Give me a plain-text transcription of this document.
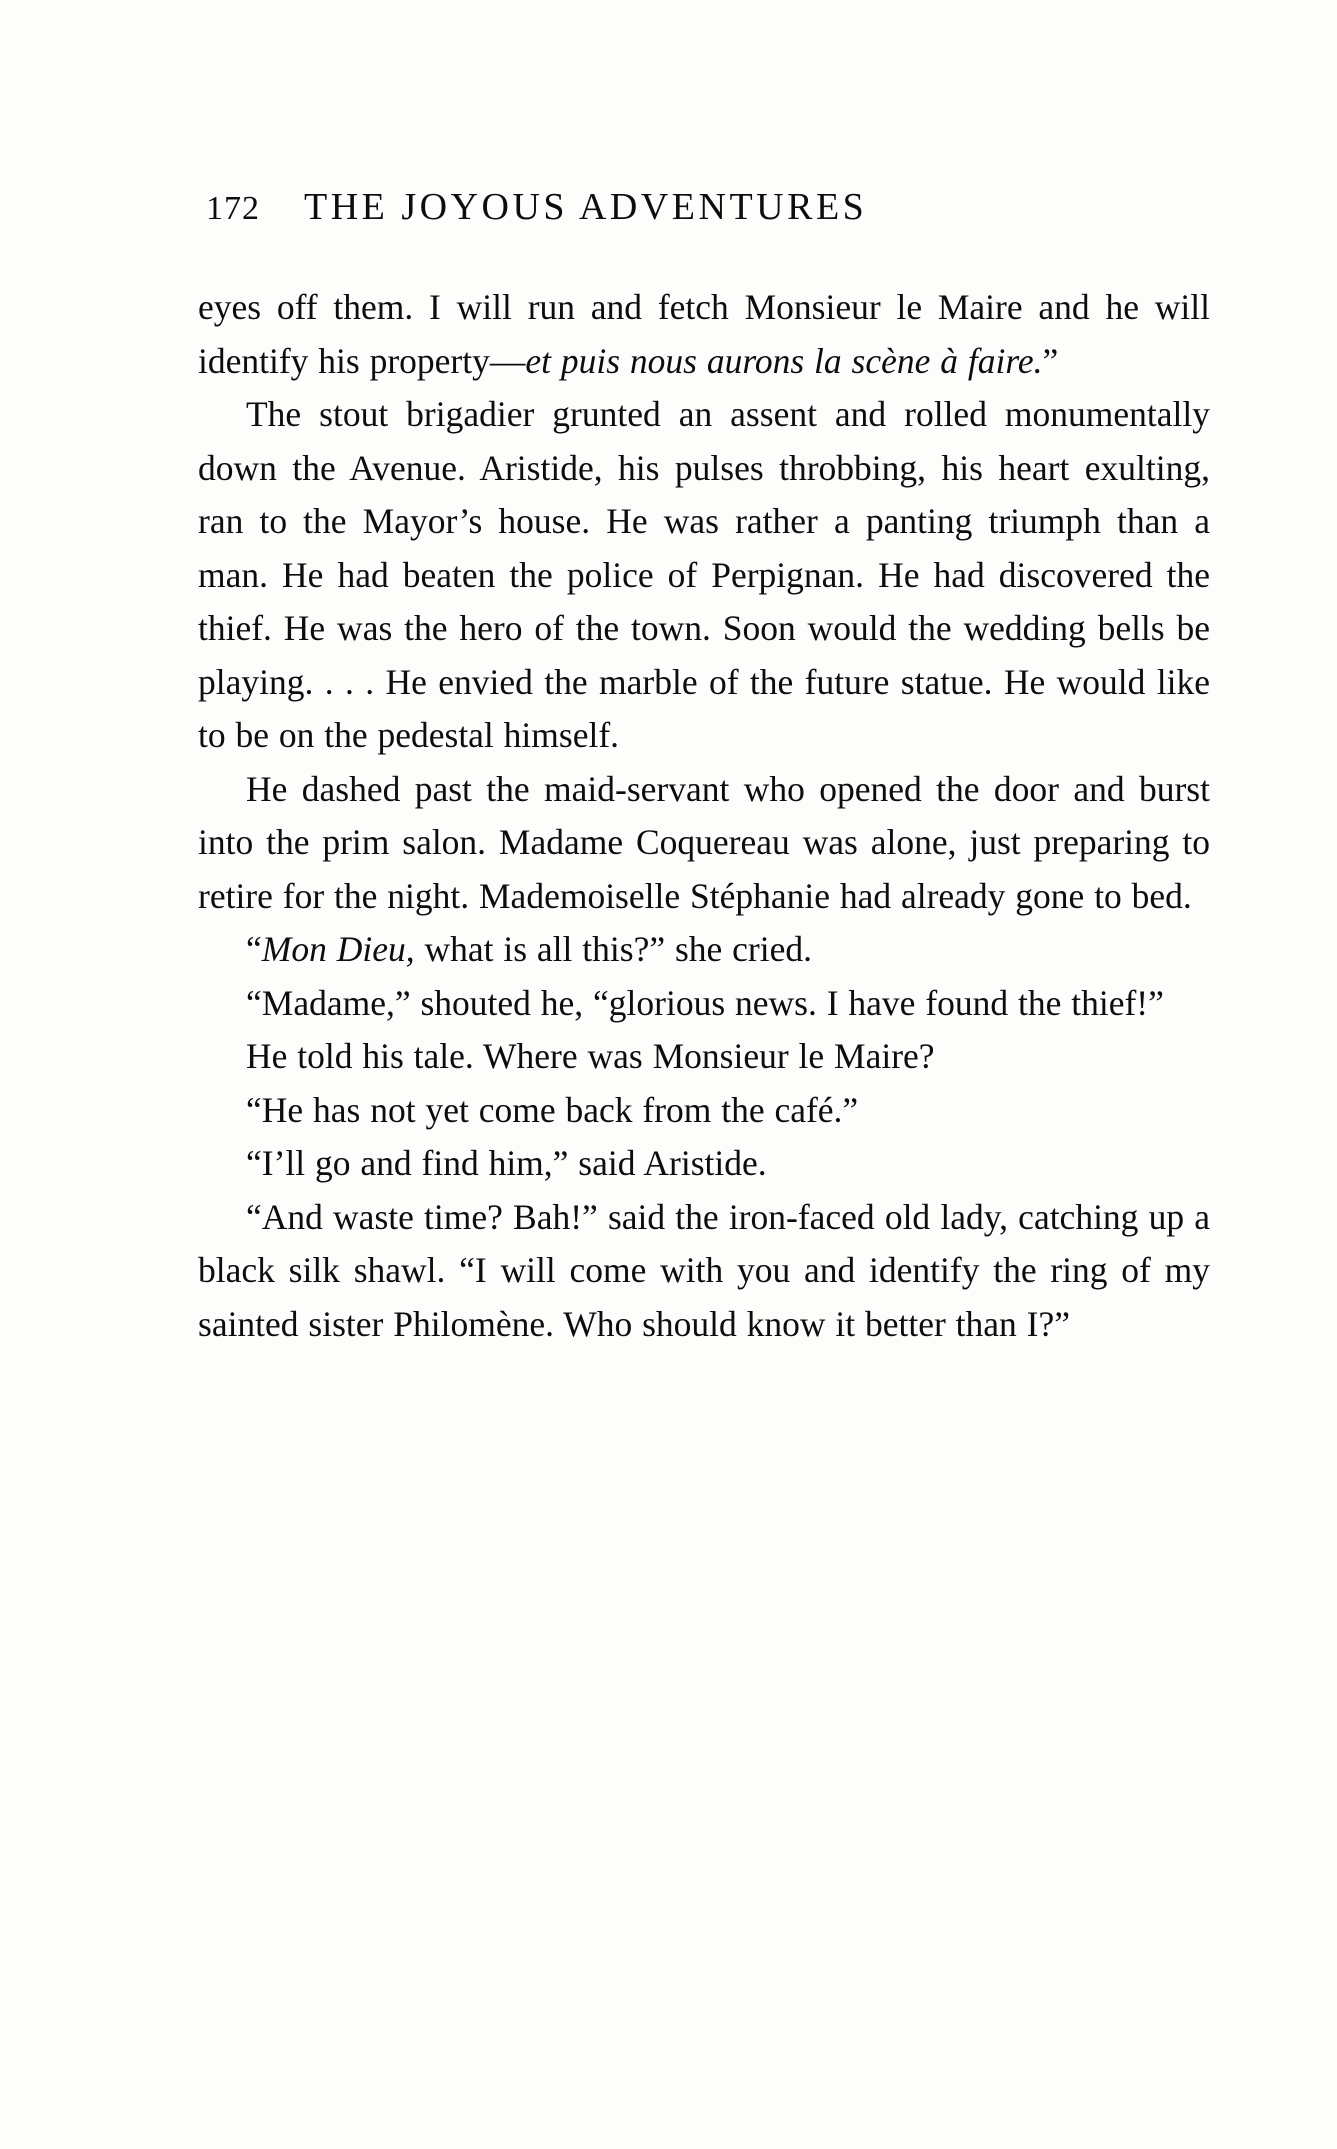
172 THE JOYOUS ADVENTURES

eyes off them. I will run and fetch Monsieur le Maire and he will identify his property—et puis nous aurons la scène à faire.”

The stout brigadier grunted an assent and rolled monumentally down the Avenue. Aristide, his pulses throbbing, his heart exulting, ran to the Mayor’s house. He was rather a panting triumph than a man. He had beaten the police of Perpignan. He had discovered the thief. He was the hero of the town. Soon would the wedding bells be playing. . . . He envied the marble of the future statue. He would like to be on the pedestal himself.

He dashed past the maid-servant who opened the door and burst into the prim salon. Madame Coquereau was alone, just preparing to retire for the night. Mademoiselle Stéphanie had already gone to bed.

“Mon Dieu, what is all this?” she cried.

“Madame,” shouted he, “glorious news. I have found the thief!”

He told his tale. Where was Monsieur le Maire?

“He has not yet come back from the café.”

“I’ll go and find him,” said Aristide.

“And waste time? Bah!” said the iron-faced old lady, catching up a black silk shawl. “I will come with you and identify the ring of my sainted sister Philomène. Who should know it better than I?”
